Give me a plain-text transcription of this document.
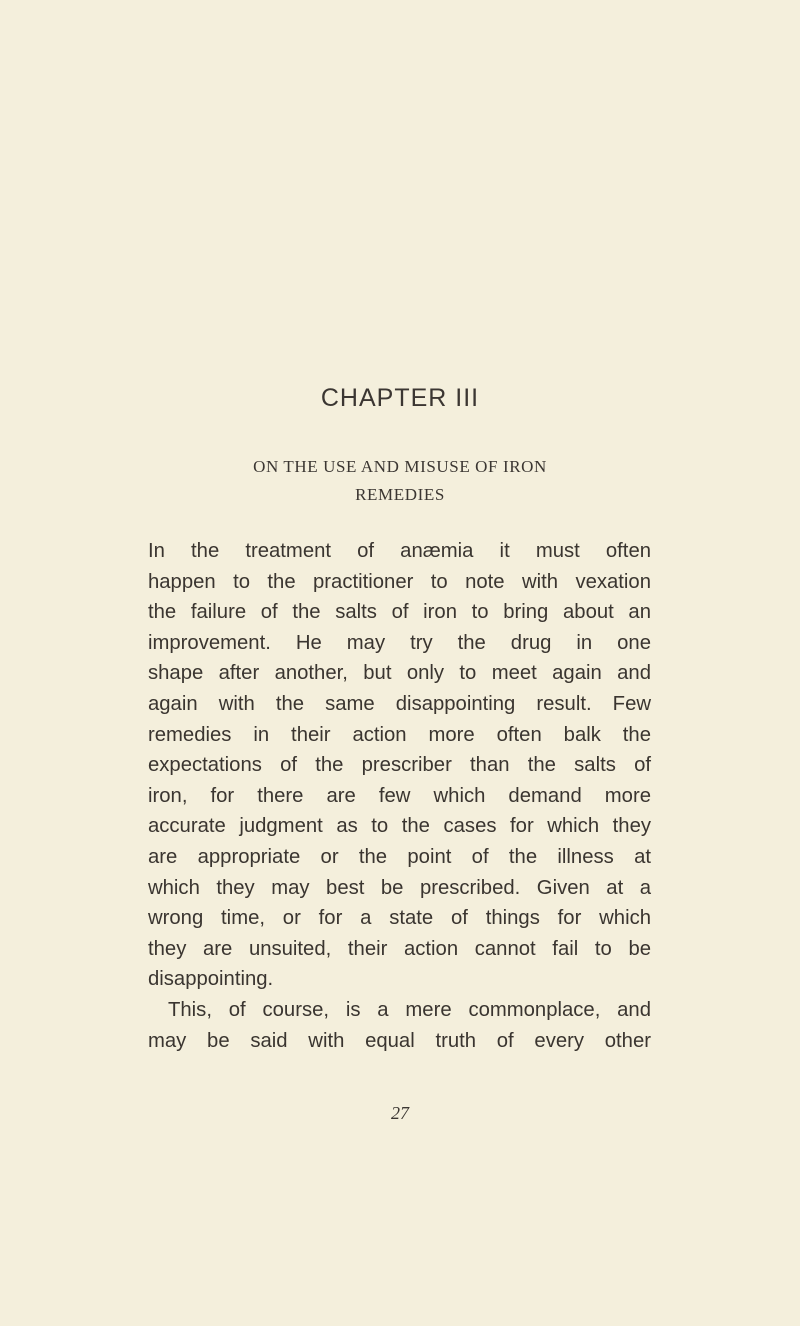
CHAPTER III
ON THE USE AND MISUSE OF IRON
REMEDIES
In the treatment of anæmia it must often
happen to the practitioner to note with vexation
the failure of the salts of iron to bring about an
improvement. He may try the drug in one
shape after another, but only to meet again and
again with the same disappointing result. Few
remedies in their action more often balk the
expectations of the prescriber than the salts of
iron, for there are few which demand more
accurate judgment as to the cases for which they
are appropriate or the point of the illness at
which they may best be prescribed. Given at a
wrong time, or for a state of things for which
they are unsuited, their action cannot fail to be
disappointing.
This, of course, is a mere commonplace, and
may be said with equal truth of every other
27
